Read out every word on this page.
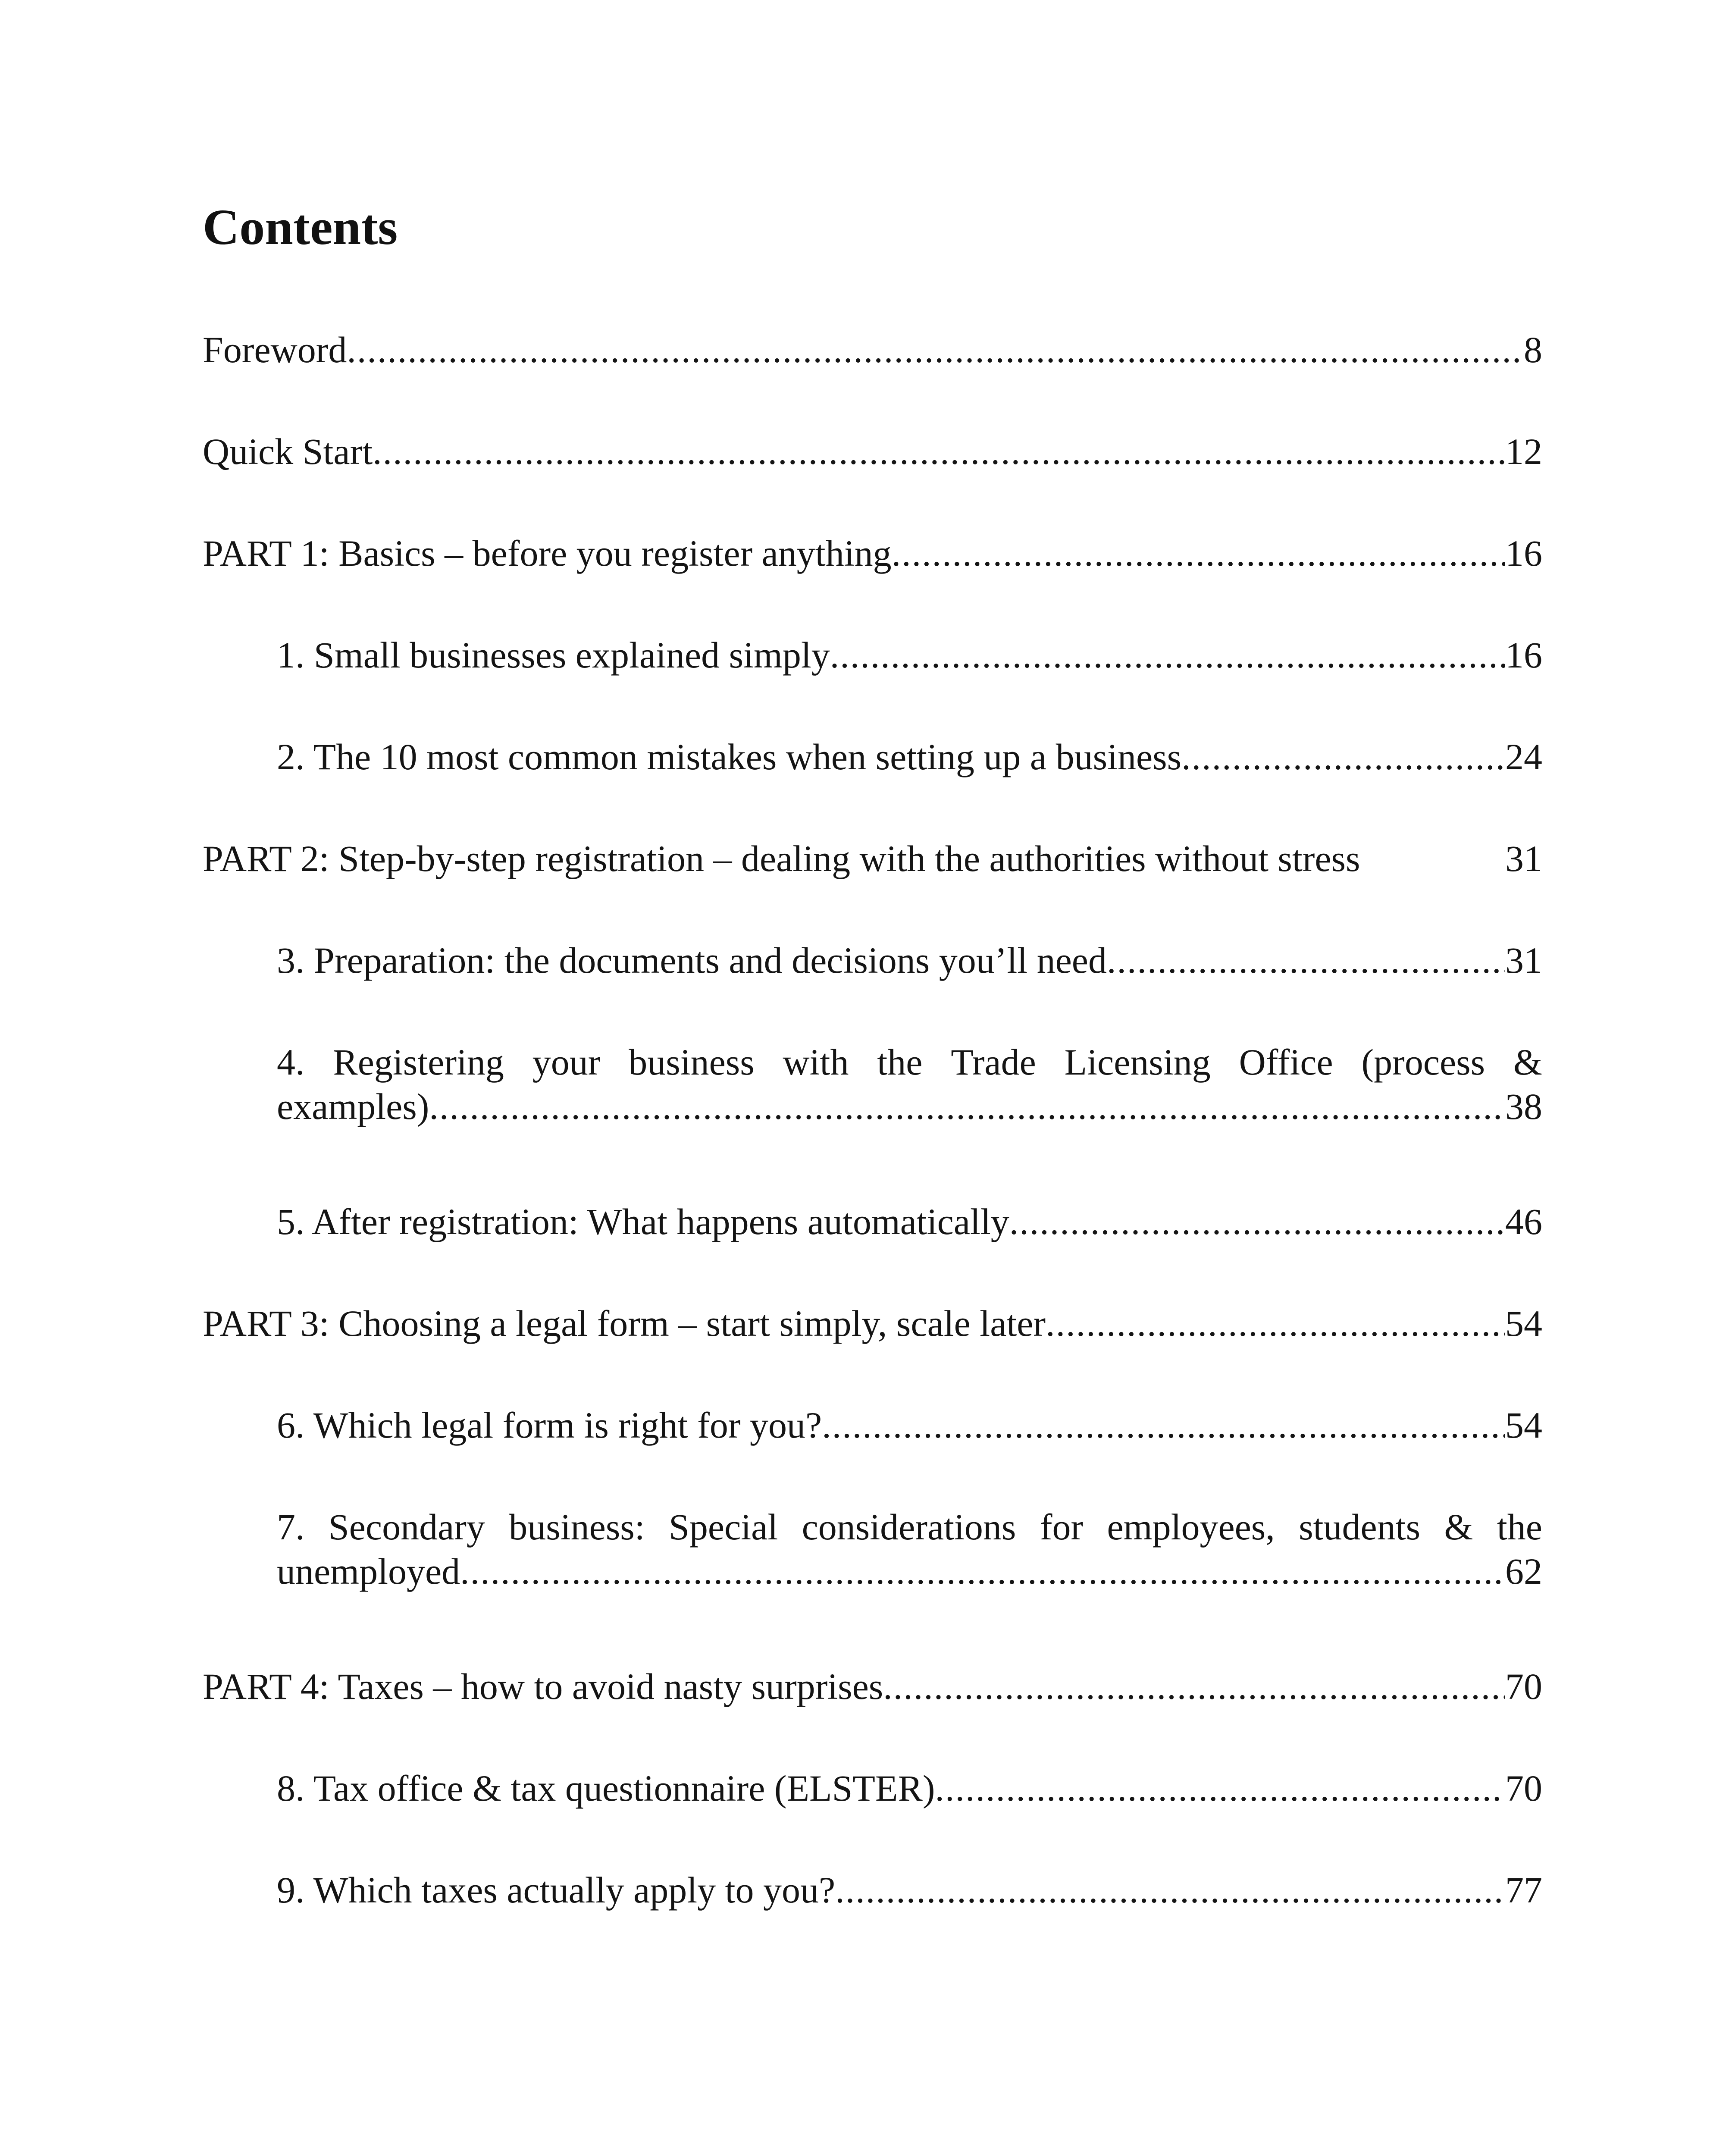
Contents
Foreword .....	8
Quick Start .....	12
PART 1: Basics – before you register anything .....	16
1. Small businesses explained simply .....	16
2. The 10 most common mistakes when setting up a business .....	24
PART 2: Step-by-step registration – dealing with the authorities without stress	31
3. Preparation: the documents and decisions you’ll need .....	31
4. Registering your business with the Trade Licensing Office (process &
examples) .....	38
5. After registration: What happens automatically .....	46
PART 3: Choosing a legal form – start simply, scale later .....	54
6. Which legal form is right for you? .....	54
7. Secondary business: Special considerations for employees, students & the
unemployed .....	62
PART 4: Taxes – how to avoid nasty surprises .....	70
8. Tax office & tax questionnaire (ELSTER) .....	70
9. Which taxes actually apply to you? .....	77
